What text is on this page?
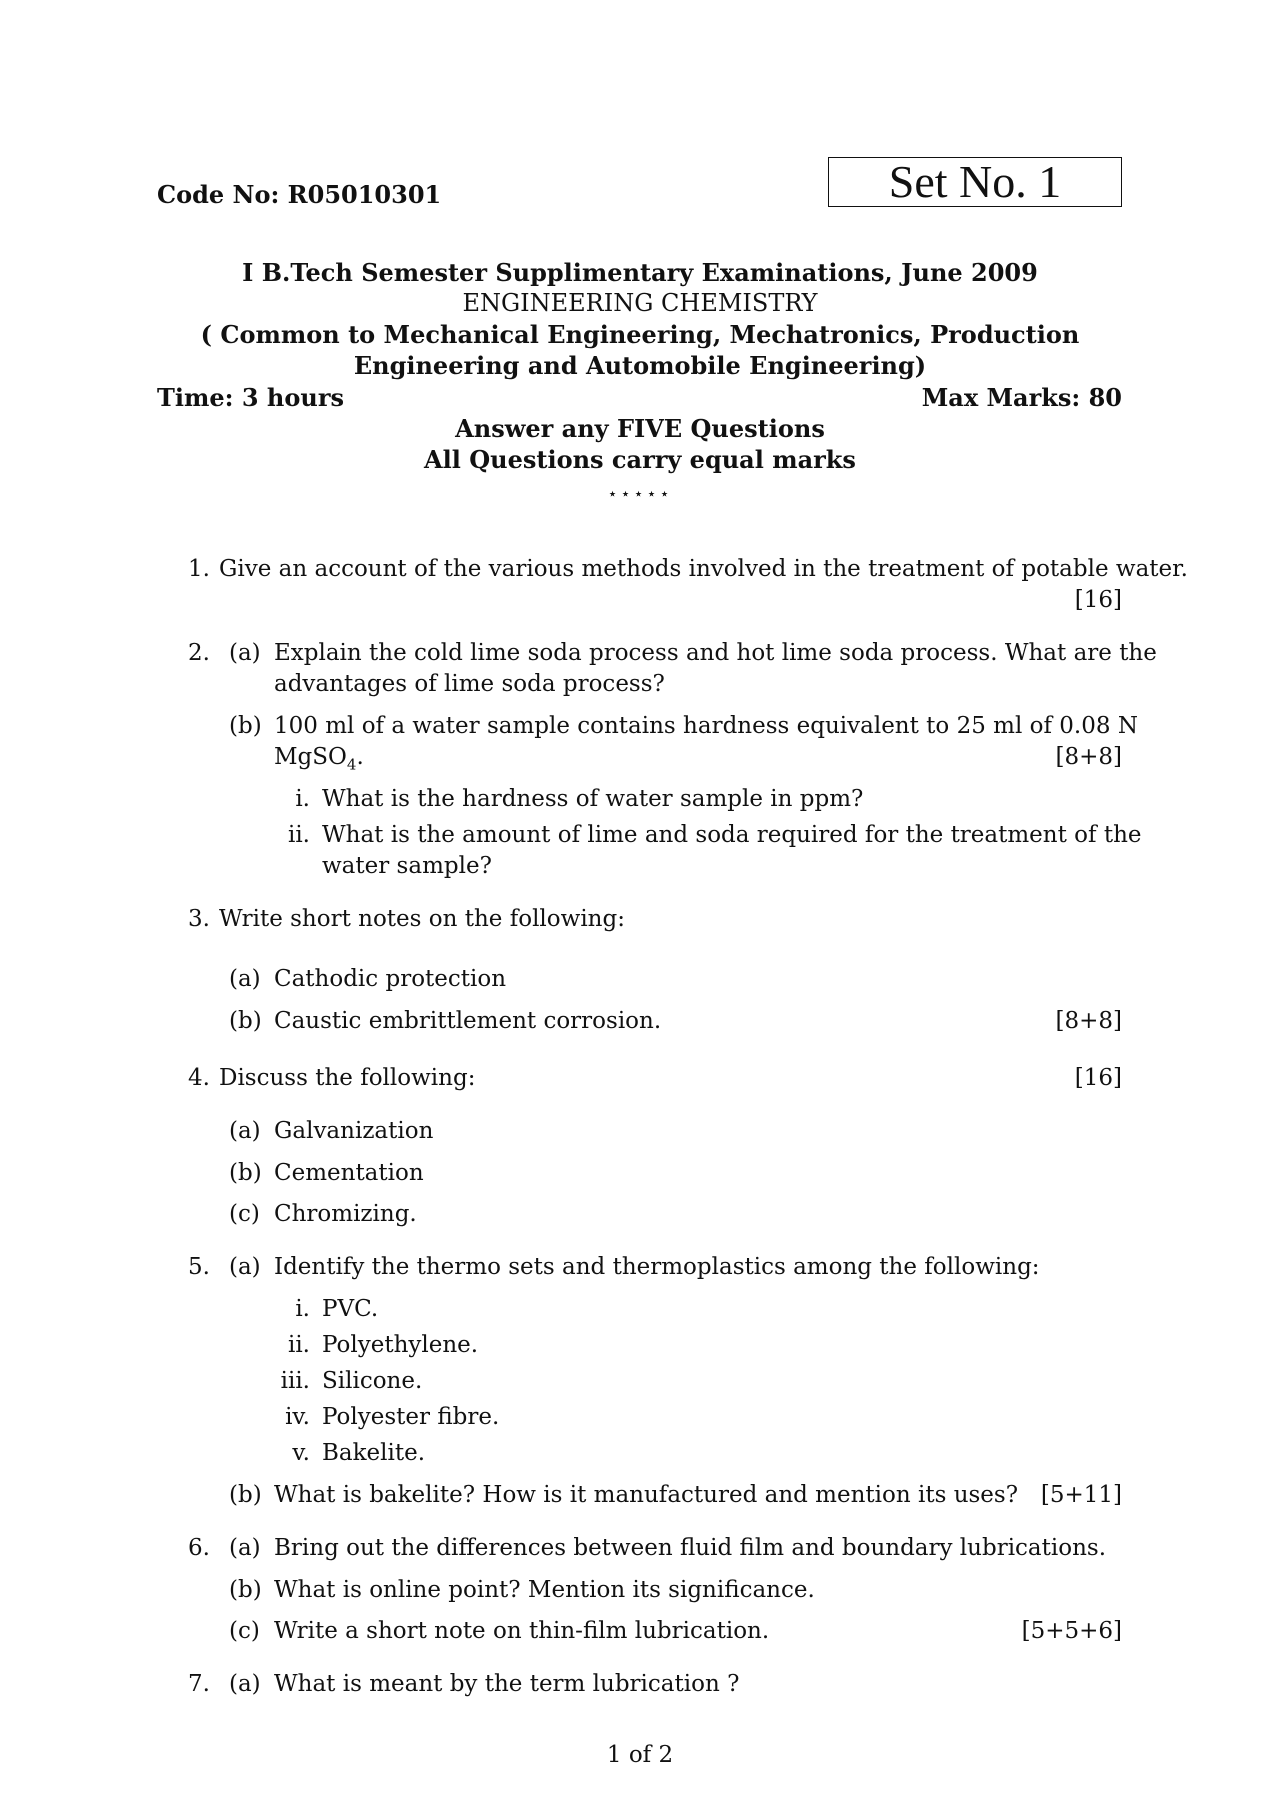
Code No: R05010301	Set No. 1
I B.Tech Semester Supplimentary Examinations, June 2009
ENGINEERING CHEMISTRY
( Common to Mechanical Engineering, Mechatronics, Production
Engineering and Automobile Engineering)
Time: 3 hours	Max Marks: 80
Answer any FIVE Questions
All Questions carry equal marks
⋆⋆⋆⋆⋆
1. Give an account of the various methods involved in the treatment of potable water.
[16]
2. (a) Explain the cold lime soda process and hot lime soda process. What are the
advantages of lime soda process?
(b) 100 ml of a water sample contains hardness equivalent to 25 ml of 0.08 N
MgSO$_4$.	[8+8]
i. What is the hardness of water sample in ppm?
ii. What is the amount of lime and soda required for the treatment of the
water sample?
3. Write short notes on the following:
(a) Cathodic protection
(b) Caustic embrittlement corrosion.	[8+8]
4. Discuss the following:	[16]
(a) Galvanization
(b) Cementation
(c) Chromizing.
5. (a) Identify the thermo sets and thermoplastics among the following:
i. PVC.
ii. Polyethylene.
iii. Silicone.
iv. Polyester fibre.
v. Bakelite.
(b) What is bakelite? How is it manufactured and mention its uses? [5+11]
6. (a) Bring out the differences between fluid film and boundary lubrications.
(b) What is online point? Mention its significance.
(c) Write a short note on thin-film lubrication.	[5+5+6]
7. (a) What is meant by the term lubrication ?
1 of 2
